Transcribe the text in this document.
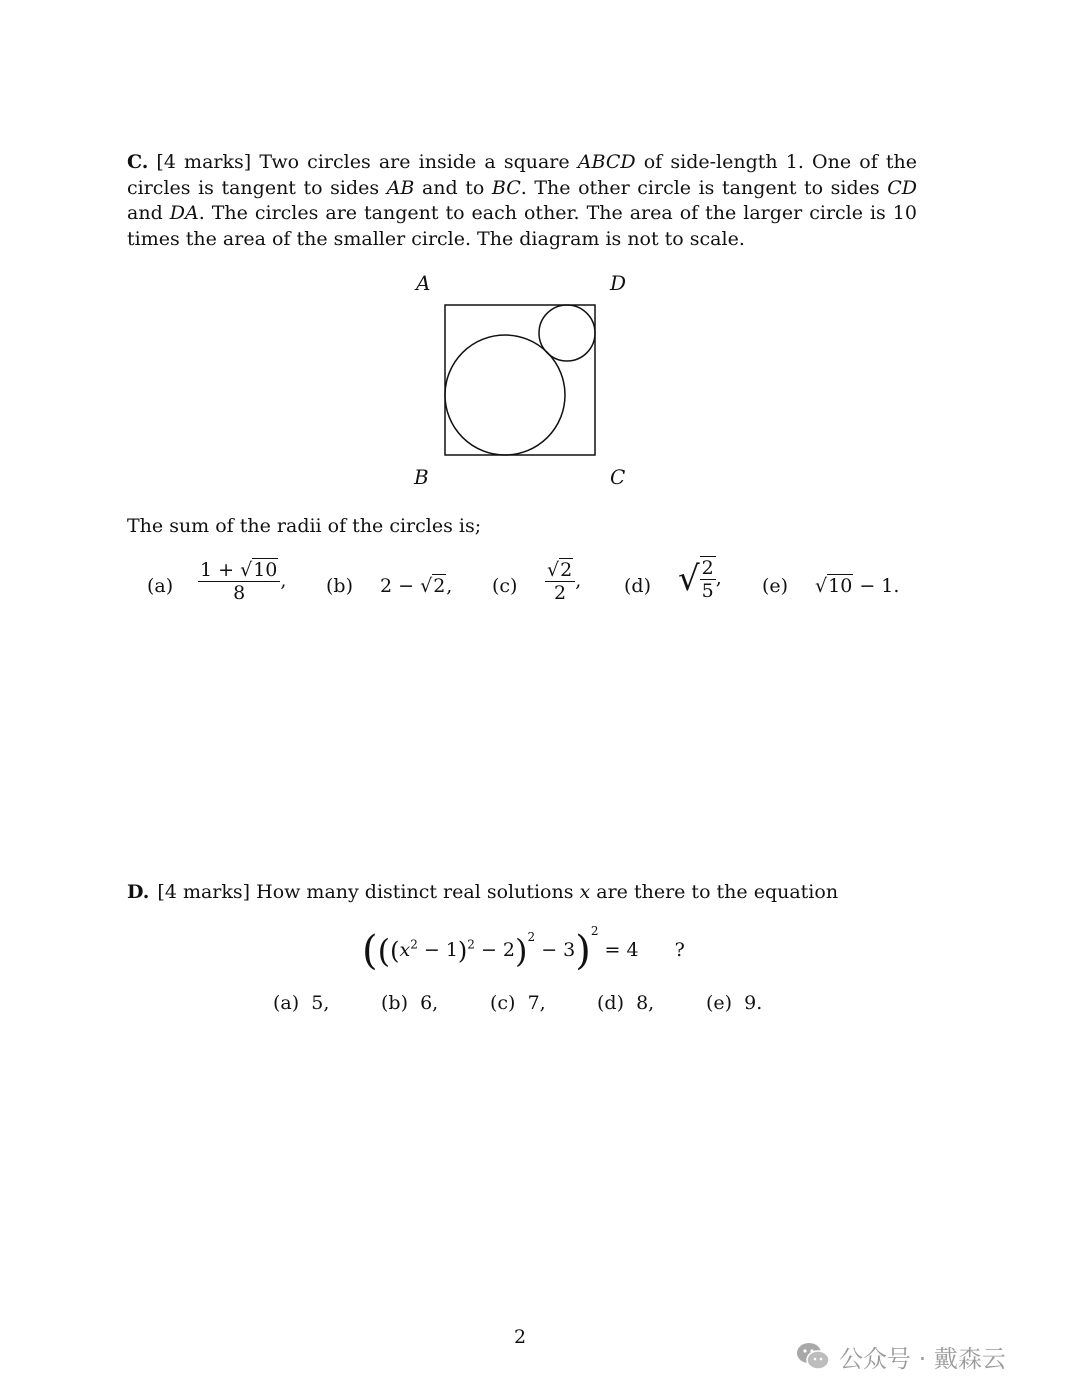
C. [4 marks] Two circles are inside a square ABCD of side-length 1. One of the circles is tangent to sides AB and to BC. The other circle is tangent to sides CD and DA. The circles are tangent to each other. The area of the larger circle is 10 times the area of the smaller circle. The diagram is not to scale.
A	D
B	C
The sum of the radii of the circles is;
$(a) \frac{1 + √10}{8}$ , (b) 2 − √2, $(c) \frac{√2}{2}$ , (d) √ $\frac{2}{5}$ , (e) √10 − 1.
D. [4 marks] How many distinct real solutions x are there to the equation
$(((x^2 - 1)^2 - 2)^2 - 3)^2 = 4$ ?
(a) 5,	(b) 6,	(c) 7,	(d) 8,	(e) 9.
2
公众号 · 戴森云
